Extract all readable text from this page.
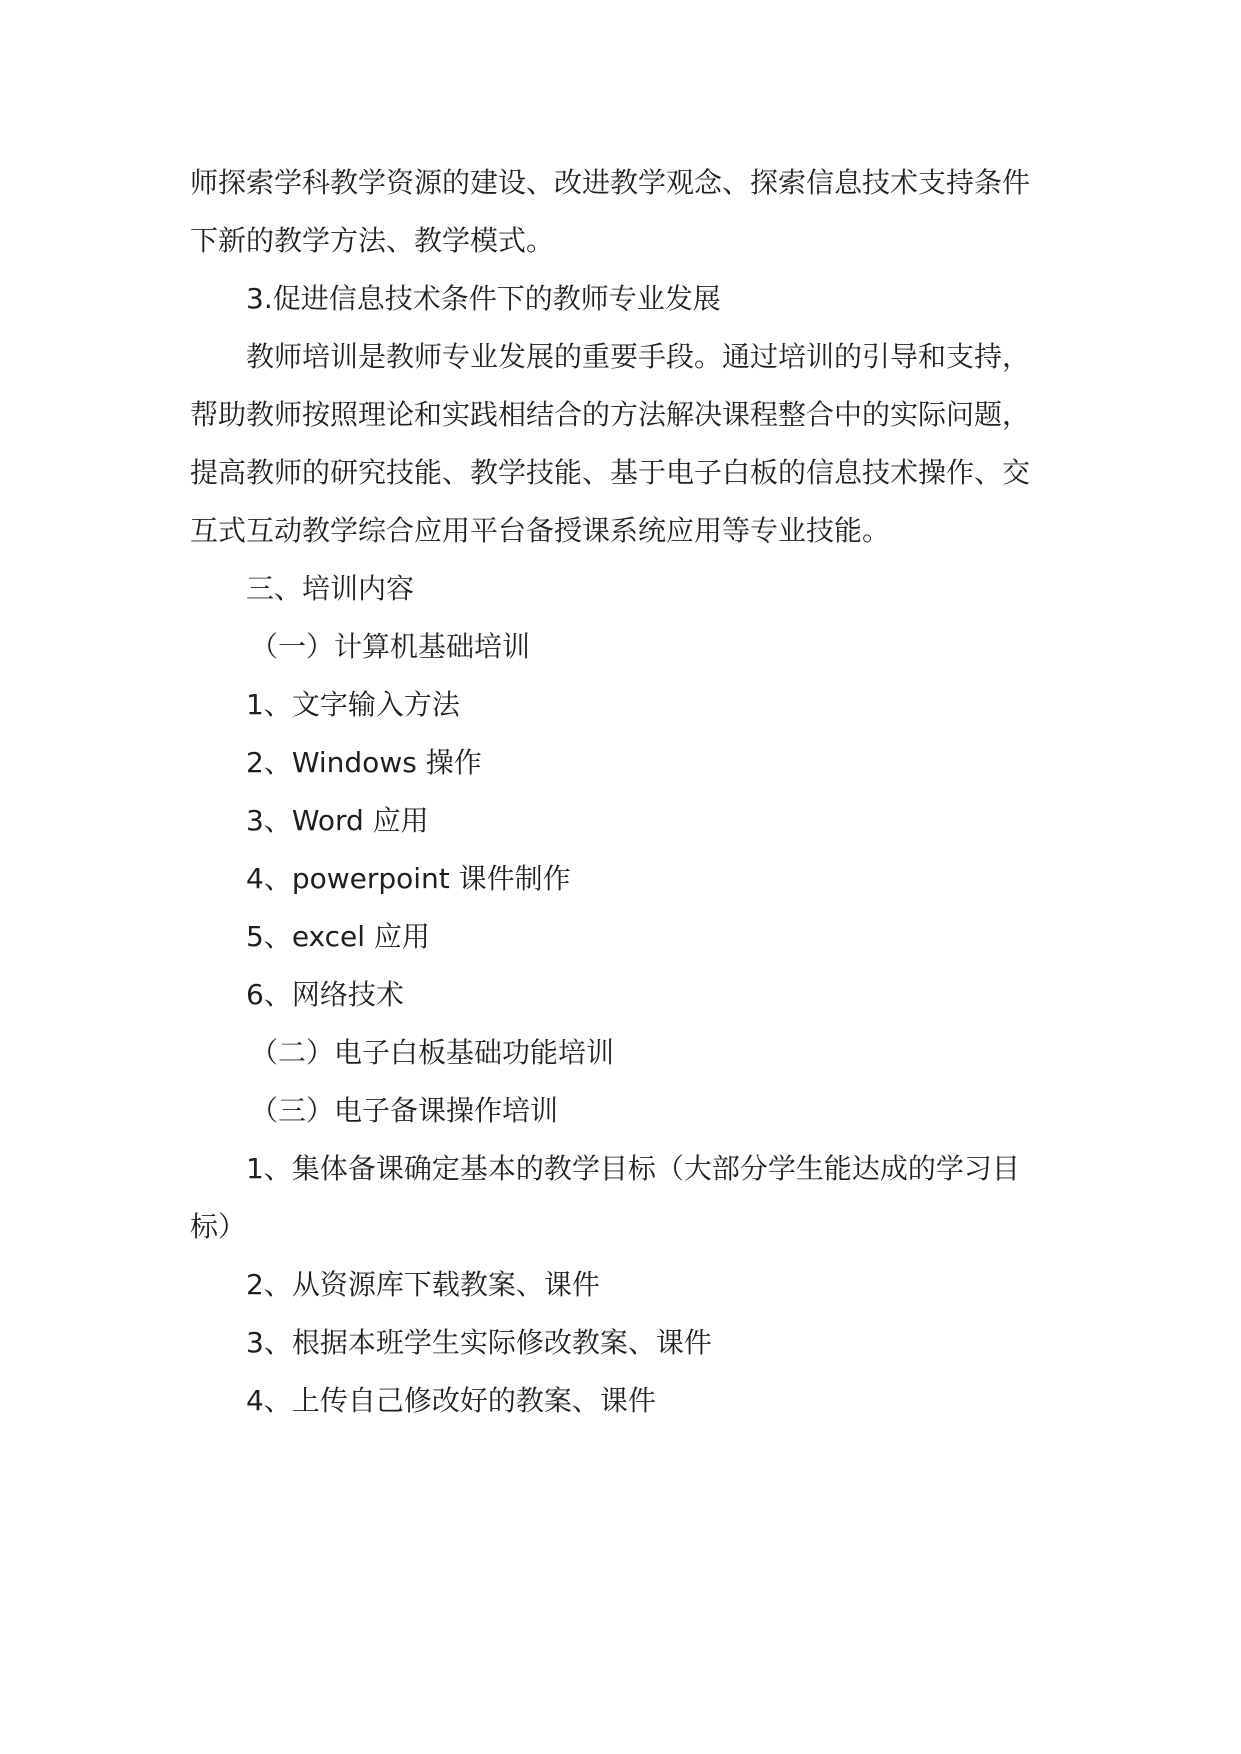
师探索学科教学资源的建设、改进教学观念、探索信息技术支持条件

下新的教学方法、教学模式。

3.促进信息技术条件下的教师专业发展

教师培训是教师专业发展的重要手段。通过培训的引导和支持，

帮助教师按照理论和实践相结合的方法解决课程整合中的实际问题，

提高教师的研究技能、教学技能、基于电子白板的信息技术操作、交

互式互动教学综合应用平台备授课系统应用等专业技能。

三、培训内容

（一）计算机基础培训

1、文字输入方法

2、Windows 操作

3、Word 应用

4、powerpoint 课件制作

5、excel 应用

6、网络技术

（二）电子白板基础功能培训

（三）电子备课操作培训

1、集体备课确定基本的教学目标（大部分学生能达成的学习目

标）

2、从资源库下载教案、课件

3、根据本班学生实际修改教案、课件

4、上传自己修改好的教案、课件
